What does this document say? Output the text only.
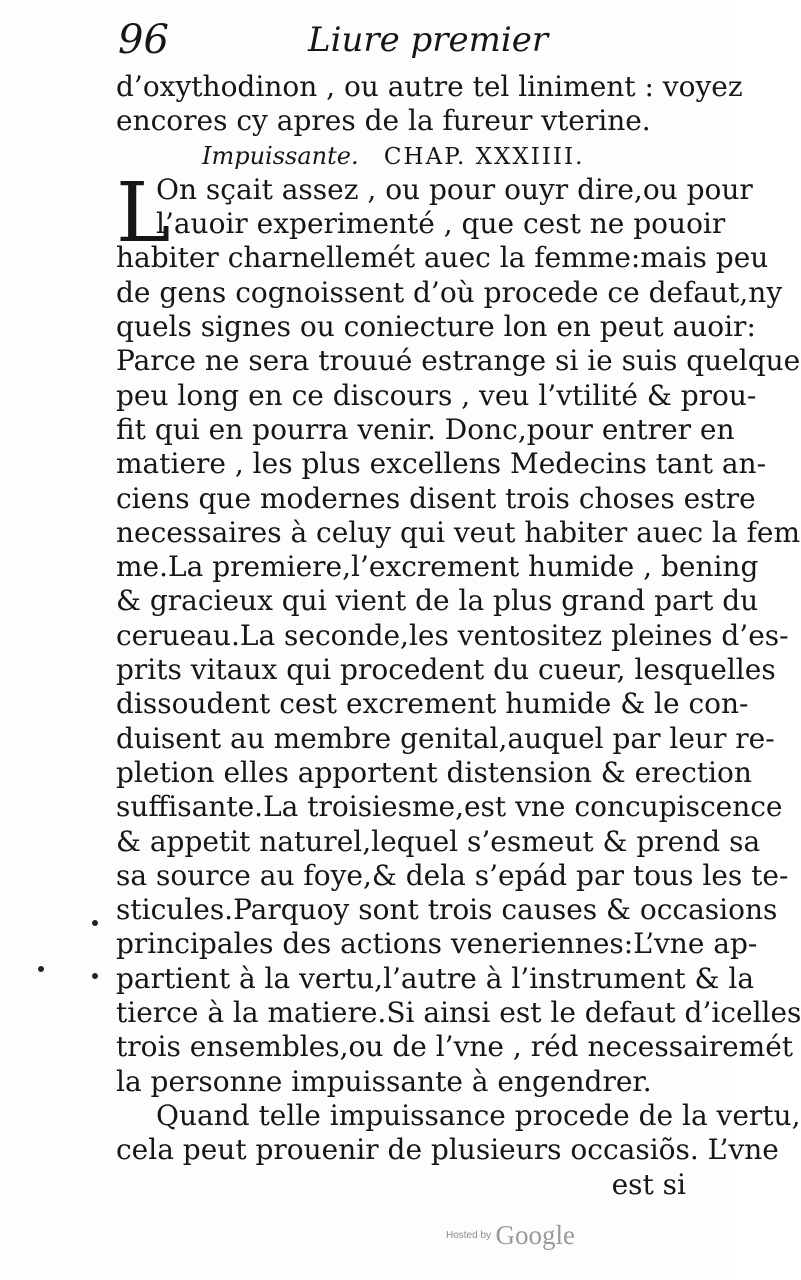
96	Liure premier
d’oxythodinon , ou autre tel liniment : voyez
encores cy apres de la fureur vterine.
Impuissante. CHAP. XXXIIII.
L
On sçait assez , ou pour ouyr dire,ou pour
l’auoir experimenté , que cest ne pouoir
habiter charnellemét auec la femme:mais peu
de gens cognoissent d’où procede ce defaut,ny
quels signes ou coniecture lon en peut auoir:
Parce ne sera trouué estrange si ie suis quelque
peu long en ce discours , veu l’vtilité & prou-
fit qui en pourra venir. Donc,pour entrer en
matiere , les plus excellens Medecins tant an-
ciens que modernes disent trois choses estre
necessaires à celuy qui veut habiter auec la fem
me.La premiere,l’excrement humide , bening
& gracieux qui vient de la plus grand part du
cerueau.La seconde,les ventositez pleines d’es-
prits vitaux qui procedent du cueur, lesquelles
dissoudent cest excrement humide & le con-
duisent au membre genital,auquel par leur re-
pletion elles apportent distension & erection
suffisante.La troisiesme,est vne concupiscence
& appetit naturel,lequel s’esmeut & prend sa
sa source au foye,& dela s’epád par tous les te-
sticules.Parquoy sont trois causes & occasions
principales des actions veneriennes:L’vne ap-
partient à la vertu,l’autre à l’instrument & la
tierce à la matiere.Si ainsi est le defaut d’icelles
trois ensembles,ou de l’vne , réd necessairemét
la personne impuissante à engendrer.
Quand telle impuissance procede de la vertu,
cela peut prouenir de plusieurs occasiõs. L’vne
est si
Hosted by Google
